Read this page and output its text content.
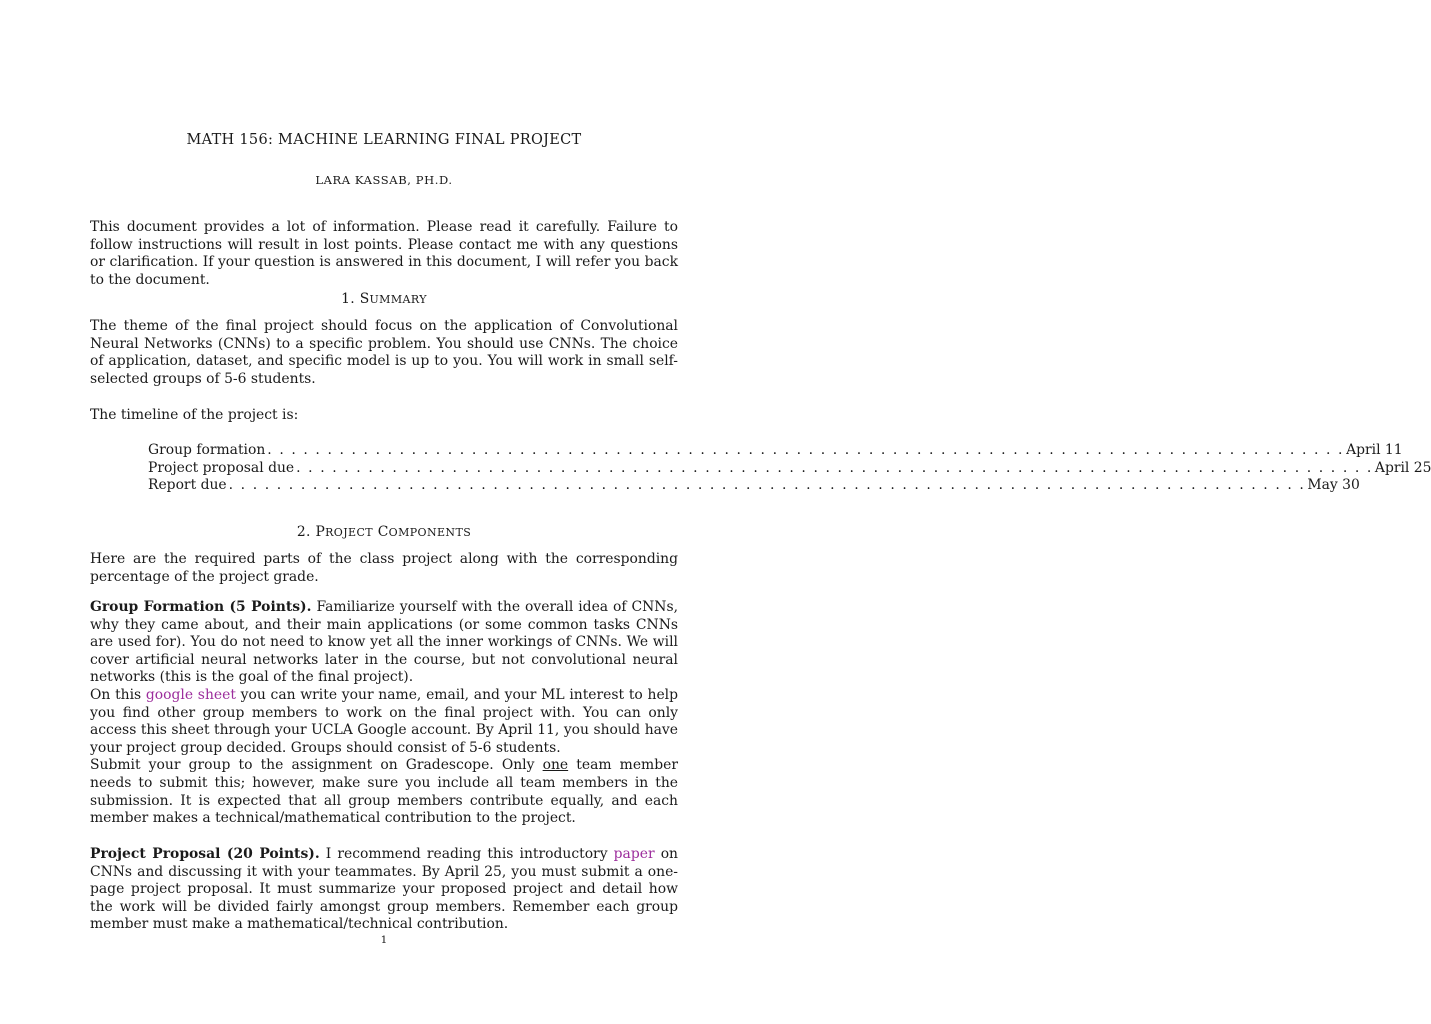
MATH 156: MACHINE LEARNING FINAL PROJECT
LARA KASSAB, PH.D.
This document provides a lot of information. Please read it carefully. Failure to follow instructions will result in lost points. Please contact me with any questions or clarification. If your question is answered in this document, I will refer you back to the document.
1. SUMMARY
The theme of the final project should focus on the application of Convolutional Neural Networks (CNNs) to a specific problem. You should use CNNs. The choice of application, dataset, and specific model is up to you. You will work in small self-selected groups of 5-6 students.
The timeline of the project is:
Group formation . . . . . . . . . . . . . . . . . . . . . . . . . . . . . . . . . . . . . . . . . . . . . . . . . . . . . . . . . . . . . . . . . . . . . . . . . . . . . . . . . . . . . . . . . . April 11
Project proposal due . . . . . . . . . . . . . . . . . . . . . . . . . . . . . . . . . . . . . . . . . . . . . . . . . . . . . . . . . . . . . . . . . . . . . . . . . . . . . . . . . . . . . . . . . . April 25
Report due . . . . . . . . . . . . . . . . . . . . . . . . . . . . . . . . . . . . . . . . . . . . . . . . . . . . . . . . . . . . . . . . . . . . . . . . . . . . . . . . . . . . . . . . . . May 30
2. PROJECT COMPONENTS
Here are the required parts of the class project along with the corresponding percentage of the project grade.
Group Formation (5 Points). Familiarize yourself with the overall idea of CNNs, why they came about, and their main applications (or some common tasks CNNs are used for). You do not need to know yet all the inner workings of CNNs. We will cover artificial neural networks later in the course, but not convolutional neural networks (this is the goal of the final project).
On this google sheet you can write your name, email, and your ML interest to help you find other group members to work on the final project with. You can only access this sheet through your UCLA Google account. By April 11, you should have your project group decided. Groups should consist of 5-6 students.
Submit your group to the assignment on Gradescope. Only one team member needs to submit this; however, make sure you include all team members in the submission. It is expected that all group members contribute equally, and each member makes a technical/mathematical contribution to the project.
Project Proposal (20 Points). I recommend reading this introductory paper on CNNs and discussing it with your teammates. By April 25, you must submit a one-page project proposal. It must summarize your proposed project and detail how the work will be divided fairly amongst group members. Remember each group member must make a mathematical/technical contribution.
1
